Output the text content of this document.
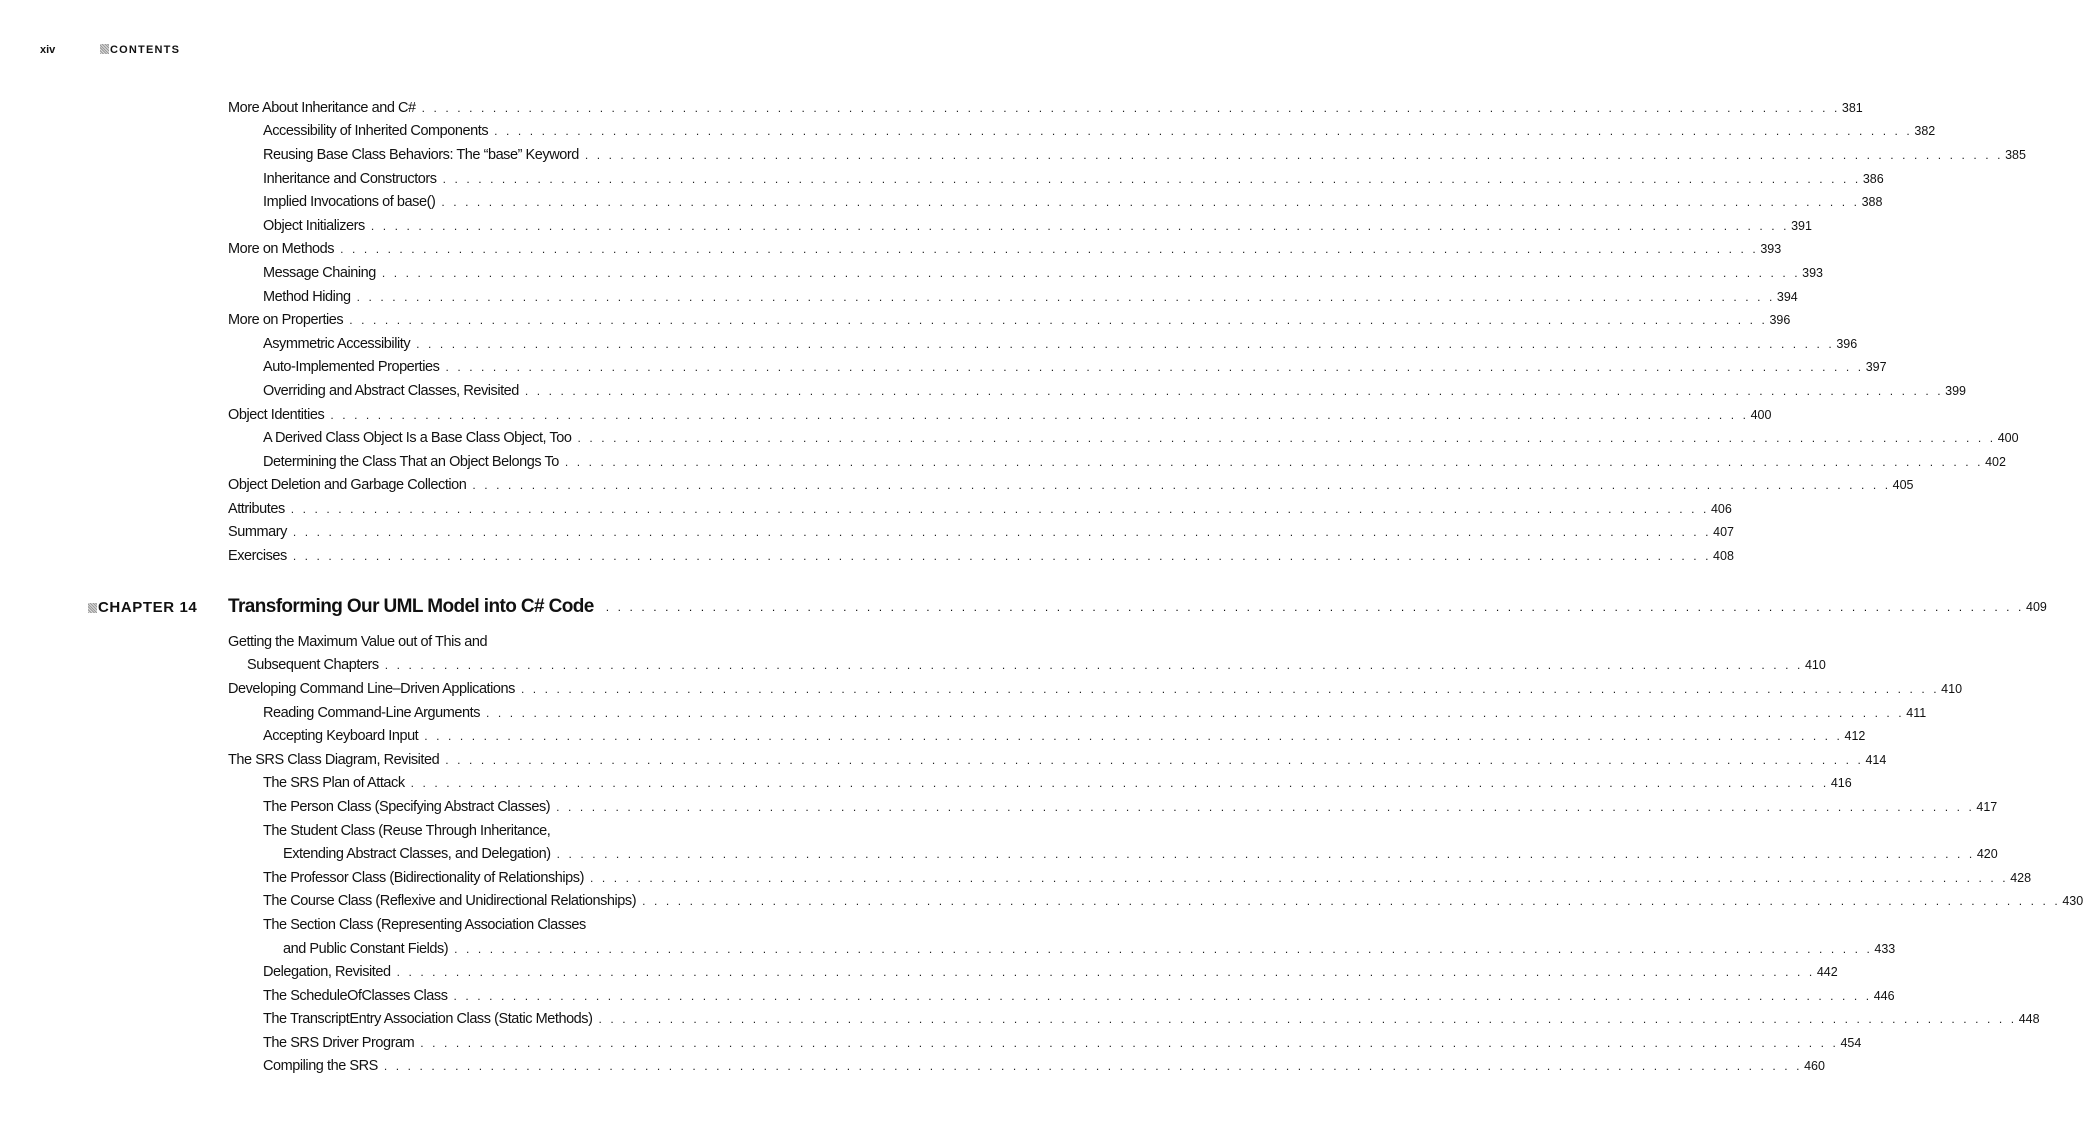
xiv	CONTENTS
More About Inheritance and C# . . . . . . . . . . . . . . . . . . . . . . . . . . . . . . . . . . . . . . . . . . . . . . . . . . . . . . . . . . . . . . . . . . . . . . . . . . . . . . . . . . . . . . . . . . . . . . . . . . . . . . . . . . . . . . . . . . . . . . . . 381
Accessibility of Inherited Components . . . . . . . . . . . . . . . . . . . . . . . . . . . . . . . . . . . . . . . . . . . . . . . . . . . . . . . . . . . . . . . . . . . . . . . . . . . . . . . . . . . . . . . . . . . . . . . . . . . . . . . . . . . . . . . . . . . . . . . . 382
Reusing Base Class Behaviors: The “base” Keyword . . . . . . . . . . . . . . . . . . . . . . . . . . . . . . . . . . . . . . . . . . . . . . . . . . . . . . . . . . . . . . . . . . . . . . . . . . . . . . . . . . . . . . . . . . . . . . . . . . . . . . . . . . . . . . . . . . . . . . . . 385
Inheritance and Constructors . . . . . . . . . . . . . . . . . . . . . . . . . . . . . . . . . . . . . . . . . . . . . . . . . . . . . . . . . . . . . . . . . . . . . . . . . . . . . . . . . . . . . . . . . . . . . . . . . . . . . . . . . . . . . . . . . . . . . . . . 386
Implied Invocations of base() . . . . . . . . . . . . . . . . . . . . . . . . . . . . . . . . . . . . . . . . . . . . . . . . . . . . . . . . . . . . . . . . . . . . . . . . . . . . . . . . . . . . . . . . . . . . . . . . . . . . . . . . . . . . . . . . . . . . . . . . 388
Object Initializers . . . . . . . . . . . . . . . . . . . . . . . . . . . . . . . . . . . . . . . . . . . . . . . . . . . . . . . . . . . . . . . . . . . . . . . . . . . . . . . . . . . . . . . . . . . . . . . . . . . . . . . . . . . . . . . . . . . . . . . . 391
More on Methods . . . . . . . . . . . . . . . . . . . . . . . . . . . . . . . . . . . . . . . . . . . . . . . . . . . . . . . . . . . . . . . . . . . . . . . . . . . . . . . . . . . . . . . . . . . . . . . . . . . . . . . . . . . . . . . . . . . . . . . . 393
Message Chaining . . . . . . . . . . . . . . . . . . . . . . . . . . . . . . . . . . . . . . . . . . . . . . . . . . . . . . . . . . . . . . . . . . . . . . . . . . . . . . . . . . . . . . . . . . . . . . . . . . . . . . . . . . . . . . . . . . . . . . . . 393
Method Hiding . . . . . . . . . . . . . . . . . . . . . . . . . . . . . . . . . . . . . . . . . . . . . . . . . . . . . . . . . . . . . . . . . . . . . . . . . . . . . . . . . . . . . . . . . . . . . . . . . . . . . . . . . . . . . . . . . . . . . . . . 394
More on Properties . . . . . . . . . . . . . . . . . . . . . . . . . . . . . . . . . . . . . . . . . . . . . . . . . . . . . . . . . . . . . . . . . . . . . . . . . . . . . . . . . . . . . . . . . . . . . . . . . . . . . . . . . . . . . . . . . . . . . . . . 396
Asymmetric Accessibility . . . . . . . . . . . . . . . . . . . . . . . . . . . . . . . . . . . . . . . . . . . . . . . . . . . . . . . . . . . . . . . . . . . . . . . . . . . . . . . . . . . . . . . . . . . . . . . . . . . . . . . . . . . . . . . . . . . . . . . . 396
Auto-Implemented Properties . . . . . . . . . . . . . . . . . . . . . . . . . . . . . . . . . . . . . . . . . . . . . . . . . . . . . . . . . . . . . . . . . . . . . . . . . . . . . . . . . . . . . . . . . . . . . . . . . . . . . . . . . . . . . . . . . . . . . . . . 397
Overriding and Abstract Classes, Revisited . . . . . . . . . . . . . . . . . . . . . . . . . . . . . . . . . . . . . . . . . . . . . . . . . . . . . . . . . . . . . . . . . . . . . . . . . . . . . . . . . . . . . . . . . . . . . . . . . . . . . . . . . . . . . . . . . . . . . . . . 399
Object Identities . . . . . . . . . . . . . . . . . . . . . . . . . . . . . . . . . . . . . . . . . . . . . . . . . . . . . . . . . . . . . . . . . . . . . . . . . . . . . . . . . . . . . . . . . . . . . . . . . . . . . . . . . . . . . . . . . . . . . . . . 400
A Derived Class Object Is a Base Class Object, Too . . . . . . . . . . . . . . . . . . . . . . . . . . . . . . . . . . . . . . . . . . . . . . . . . . . . . . . . . . . . . . . . . . . . . . . . . . . . . . . . . . . . . . . . . . . . . . . . . . . . . . . . . . . . . . . . . . . . . . . . 400
Determining the Class That an Object Belongs To . . . . . . . . . . . . . . . . . . . . . . . . . . . . . . . . . . . . . . . . . . . . . . . . . . . . . . . . . . . . . . . . . . . . . . . . . . . . . . . . . . . . . . . . . . . . . . . . . . . . . . . . . . . . . . . . . . . . . . . . 402
Object Deletion and Garbage Collection . . . . . . . . . . . . . . . . . . . . . . . . . . . . . . . . . . . . . . . . . . . . . . . . . . . . . . . . . . . . . . . . . . . . . . . . . . . . . . . . . . . . . . . . . . . . . . . . . . . . . . . . . . . . . . . . . . . . . . . . 405
Attributes . . . . . . . . . . . . . . . . . . . . . . . . . . . . . . . . . . . . . . . . . . . . . . . . . . . . . . . . . . . . . . . . . . . . . . . . . . . . . . . . . . . . . . . . . . . . . . . . . . . . . . . . . . . . . . . . . . . . . . . . 406
Summary . . . . . . . . . . . . . . . . . . . . . . . . . . . . . . . . . . . . . . . . . . . . . . . . . . . . . . . . . . . . . . . . . . . . . . . . . . . . . . . . . . . . . . . . . . . . . . . . . . . . . . . . . . . . . . . . . . . . . . . . 407
Exercises . . . . . . . . . . . . . . . . . . . . . . . . . . . . . . . . . . . . . . . . . . . . . . . . . . . . . . . . . . . . . . . . . . . . . . . . . . . . . . . . . . . . . . . . . . . . . . . . . . . . . . . . . . . . . . . . . . . . . . . . 408
CHAPTER 14	Transforming Our UML Model into C# Code	. . . . . . . . . . . . . . . . . . . . . . . . . . . . . . . . . . . . . . . . . . . . . . . . . . . . . . . . . . . . . . . . . . . . . . . . . . . . . . . . . . . . . . . . . . . . . . . . . . . . . . . . . . . . . . . . . . . . . . . . 409
Getting the Maximum Value out of This and
Subsequent Chapters . . . . . . . . . . . . . . . . . . . . . . . . . . . . . . . . . . . . . . . . . . . . . . . . . . . . . . . . . . . . . . . . . . . . . . . . . . . . . . . . . . . . . . . . . . . . . . . . . . . . . . . . . . . . . . . . . . . . . . . . 410
Developing Command Line–Driven Applications . . . . . . . . . . . . . . . . . . . . . . . . . . . . . . . . . . . . . . . . . . . . . . . . . . . . . . . . . . . . . . . . . . . . . . . . . . . . . . . . . . . . . . . . . . . . . . . . . . . . . . . . . . . . . . . . . . . . . . . . 410
Reading Command-Line Arguments . . . . . . . . . . . . . . . . . . . . . . . . . . . . . . . . . . . . . . . . . . . . . . . . . . . . . . . . . . . . . . . . . . . . . . . . . . . . . . . . . . . . . . . . . . . . . . . . . . . . . . . . . . . . . . . . . . . . . . . . 411
Accepting Keyboard Input . . . . . . . . . . . . . . . . . . . . . . . . . . . . . . . . . . . . . . . . . . . . . . . . . . . . . . . . . . . . . . . . . . . . . . . . . . . . . . . . . . . . . . . . . . . . . . . . . . . . . . . . . . . . . . . . . . . . . . . . 412
The SRS Class Diagram, Revisited . . . . . . . . . . . . . . . . . . . . . . . . . . . . . . . . . . . . . . . . . . . . . . . . . . . . . . . . . . . . . . . . . . . . . . . . . . . . . . . . . . . . . . . . . . . . . . . . . . . . . . . . . . . . . . . . . . . . . . . . 414
The SRS Plan of Attack . . . . . . . . . . . . . . . . . . . . . . . . . . . . . . . . . . . . . . . . . . . . . . . . . . . . . . . . . . . . . . . . . . . . . . . . . . . . . . . . . . . . . . . . . . . . . . . . . . . . . . . . . . . . . . . . . . . . . . . . 416
The Person Class (Specifying Abstract Classes) . . . . . . . . . . . . . . . . . . . . . . . . . . . . . . . . . . . . . . . . . . . . . . . . . . . . . . . . . . . . . . . . . . . . . . . . . . . . . . . . . . . . . . . . . . . . . . . . . . . . . . . . . . . . . . . . . . . . . . . . 417
The Student Class (Reuse Through Inheritance,
Extending Abstract Classes, and Delegation) . . . . . . . . . . . . . . . . . . . . . . . . . . . . . . . . . . . . . . . . . . . . . . . . . . . . . . . . . . . . . . . . . . . . . . . . . . . . . . . . . . . . . . . . . . . . . . . . . . . . . . . . . . . . . . . . . . . . . . . . 420
The Professor Class (Bidirectionality of Relationships) . . . . . . . . . . . . . . . . . . . . . . . . . . . . . . . . . . . . . . . . . . . . . . . . . . . . . . . . . . . . . . . . . . . . . . . . . . . . . . . . . . . . . . . . . . . . . . . . . . . . . . . . . . . . . . . . . . . . . . . . 428
The Course Class (Reflexive and Unidirectional Relationships) . . . . . . . . . . . . . . . . . . . . . . . . . . . . . . . . . . . . . . . . . . . . . . . . . . . . . . . . . . . . . . . . . . . . . . . . . . . . . . . . . . . . . . . . . . . . . . . . . . . . . . . . . . . . . . . . . . . . . . . . 430
The Section Class (Representing Association Classes
and Public Constant Fields) . . . . . . . . . . . . . . . . . . . . . . . . . . . . . . . . . . . . . . . . . . . . . . . . . . . . . . . . . . . . . . . . . . . . . . . . . . . . . . . . . . . . . . . . . . . . . . . . . . . . . . . . . . . . . . . . . . . . . . . . 433
Delegation, Revisited . . . . . . . . . . . . . . . . . . . . . . . . . . . . . . . . . . . . . . . . . . . . . . . . . . . . . . . . . . . . . . . . . . . . . . . . . . . . . . . . . . . . . . . . . . . . . . . . . . . . . . . . . . . . . . . . . . . . . . . . 442
The ScheduleOfClasses Class . . . . . . . . . . . . . . . . . . . . . . . . . . . . . . . . . . . . . . . . . . . . . . . . . . . . . . . . . . . . . . . . . . . . . . . . . . . . . . . . . . . . . . . . . . . . . . . . . . . . . . . . . . . . . . . . . . . . . . . . 446
The TranscriptEntry Association Class (Static Methods) . . . . . . . . . . . . . . . . . . . . . . . . . . . . . . . . . . . . . . . . . . . . . . . . . . . . . . . . . . . . . . . . . . . . . . . . . . . . . . . . . . . . . . . . . . . . . . . . . . . . . . . . . . . . . . . . . . . . . . . . 448
The SRS Driver Program . . . . . . . . . . . . . . . . . . . . . . . . . . . . . . . . . . . . . . . . . . . . . . . . . . . . . . . . . . . . . . . . . . . . . . . . . . . . . . . . . . . . . . . . . . . . . . . . . . . . . . . . . . . . . . . . . . . . . . . . 454
Compiling the SRS . . . . . . . . . . . . . . . . . . . . . . . . . . . . . . . . . . . . . . . . . . . . . . . . . . . . . . . . . . . . . . . . . . . . . . . . . . . . . . . . . . . . . . . . . . . . . . . . . . . . . . . . . . . . . . . . . . . . . . . . 460
